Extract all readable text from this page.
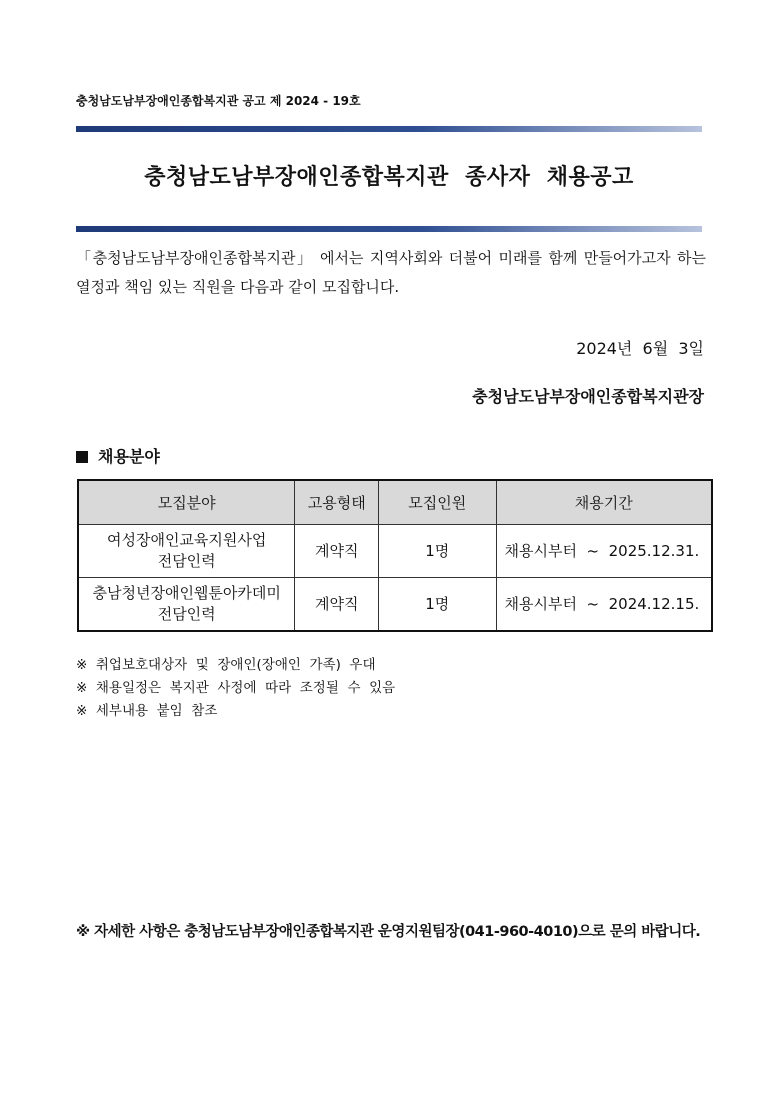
충청남도남부장애인종합복지관 공고 제 2024 - 19호
충청남도남부장애인종합복지관  종사자  채용공고
「충청남도남부장애인종합복지관」 에서는 지역사회와 더불어 미래를 함께 만들어가고자 하는 열정과 책임 있는 직원을 다음과 같이 모집합니다.
2024년  6월  3일
충청남도남부장애인종합복지관장
채용분야
모집분야	고용형태	모집인원	채용기간

여성장애인교육지원사업
전담인력	계약직	1명	채용시부터  ~  2025.12.31.

충남청년장애인웹툰아카데미
전담인력	계약직	1명	채용시부터  ~  2024.12.15.
※  취업보호대상자  및  장애인(장애인  가족)  우대
※  채용일정은  복지관  사정에  따라  조정될  수  있음
※  세부내용  붙임  참조
※ 자세한 사항은 충청남도남부장애인종합복지관 운영지원팀장(041-960-4010)으로 문의 바랍니다.
